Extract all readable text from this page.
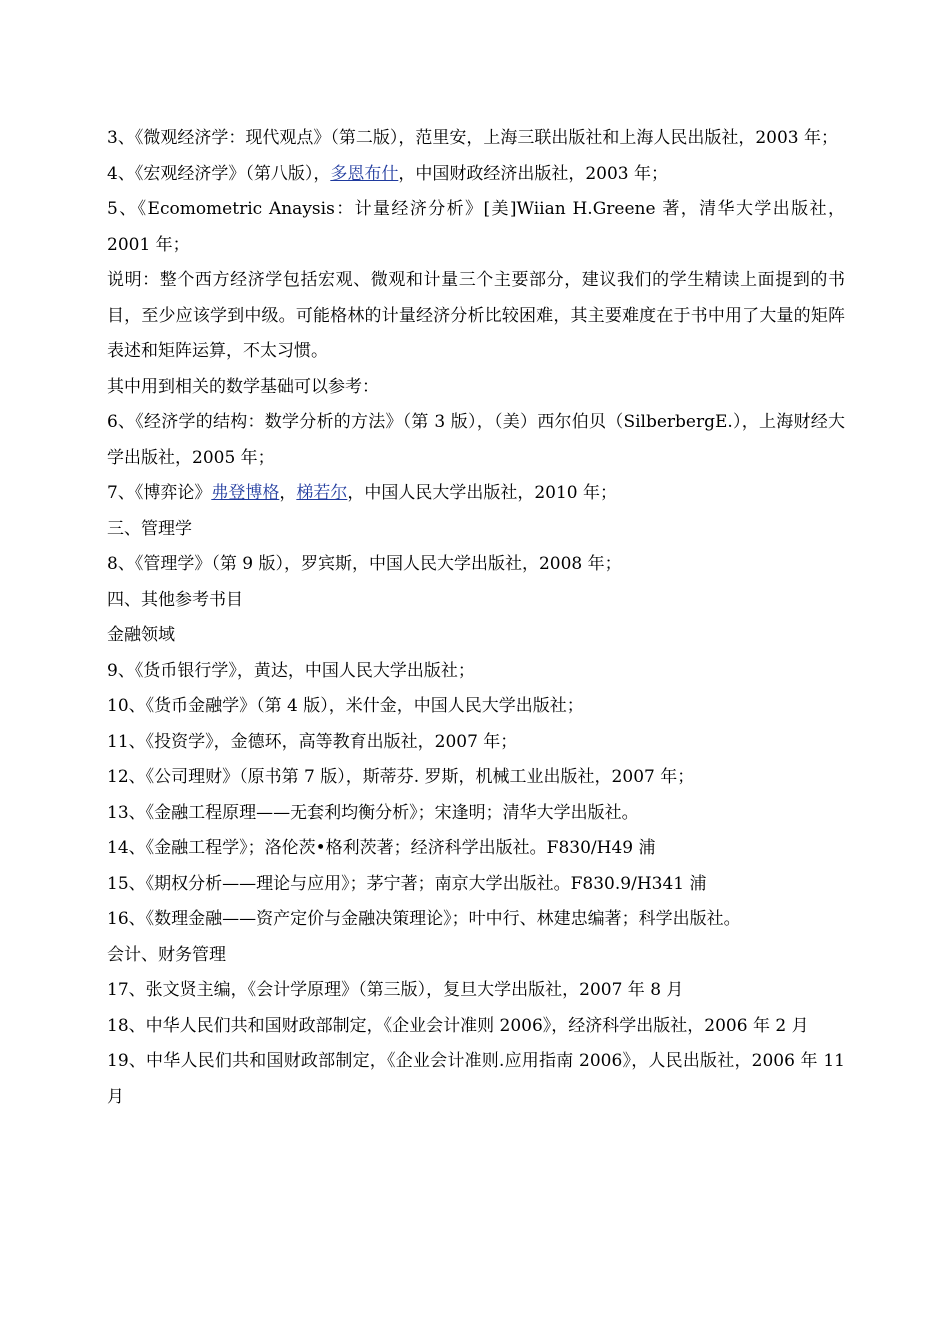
3、《微观经济学：现代观点》（第二版），范里安，上海三联出版社和上海人民出版社，2003 年；

4、《宏观经济学》（第八版），多恩布什，中国财政经济出版社，2003 年；

5、《Ecomometric Anaysis：计量经济分析》[美]Wiian H.Greene 著，清华大学出版社，2001 年；

说明：整个西方经济学包括宏观、微观和计量三个主要部分，建议我们的学生精读上面提到的书目，至少应该学到中级。可能格林的计量经济分析比较困难，其主要难度在于书中用了大量的矩阵表述和矩阵运算，不太习惯。

其中用到相关的数学基础可以参考：

6、《经济学的结构：数学分析的方法》（第 3 版），（美）西尔伯贝（SilberbergE.），上海财经大学出版社，2005 年；

7、《博弈论》弗登博格，梯若尔，中国人民大学出版社，2010 年；

三、管理学

8、《管理学》（第 9 版），罗宾斯，中国人民大学出版社，2008 年；

四、其他参考书目

金融领域

9、《货币银行学》，黄达，中国人民大学出版社；

10、《货币金融学》（第 4 版），米什金，中国人民大学出版社；

11、《投资学》，金德环，高等教育出版社，2007 年；

12、《公司理财》（原书第 7 版），斯蒂芬. 罗斯，机械工业出版社，2007 年；

13、《金融工程原理——无套利均衡分析》；宋逢明；清华大学出版社。

14、《金融工程学》；洛伦茨•格利茨著；经济科学出版社。F830/H49 浦

15、《期权分析——理论与应用》；茅宁著；南京大学出版社。F830.9/H341 浦

16、《数理金融——资产定价与金融决策理论》；叶中行、林建忠编著；科学出版社。

会计、财务管理

17、张文贤主编，《会计学原理》（第三版），复旦大学出版社，2007 年 8 月

18、中华人民们共和国财政部制定，《企业会计准则 2006》，经济科学出版社，2006 年 2 月

19、中华人民们共和国财政部制定，《企业会计准则.应用指南 2006》，人民出版社，2006 年 11 月
